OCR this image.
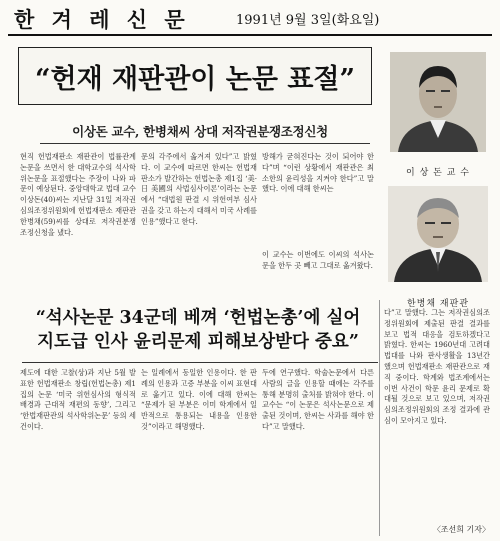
한 겨 레 신 문	1991년 9월 3일(화요일)
“헌재 재판관이 논문 표절”
이상돈 교수, 한병채씨 상대 저작권분쟁조정신청
이 상 돈 교 수
한병채 재판관

현직 헌법재판소 재판관이 법률관계 논문을 쓰면서 한 대학교수의 석사학위논문을 표절했다는 주장이 나와 파문이 예상된다. 중앙대학교 법대 교수 이상돈(40)씨는 지난달 31일 저작권심의조정위원회에 헌법재판소 재판관 한병채(59)씨를 상대로 저작권분쟁조정신청을 냈다.

문의 각주에서 옮겨져 있다”고 밝혔다. 이 교수에 따르면 한씨는 헌법재판소가 발간하는 헌법논총 제1집 ‘美·日 美國의 사법심사이론’이라는 논문에서 “대법원 판결 시 위헌여부 심사권을 갖고 하는지 대해서 미국 사례를 인용”했다고 한다.

방해가 굳혀진다는 것이 되어야 한다”며 “이런 상황에서 재판관은 최소한의 윤리성을 지켜야 한다”고 말했다. 이에 대해 한씨는

이 교수는 이번에도 이씨의 석사논문을 한두 곳 빼고 그대로 옮겨왔다.

“석사논문 34군데 베껴 ‘헌법논총’에 실어
지도급 인사 윤리문제 피해보상받다 중요”

제도에 대한 고찰(상)과 지난 5월 발표한 헌법재판소 창립(헌법논총) 제1집의 논문 ‘미국 위헌심사의 형식적 배경과 근대적 재편의 동향’, 그리고 ‘한법재판관의 석사학위논문’ 등의 세 건이다.

는 일례에서 동일한 인용이다. 한 판례의 인용과 고증 부분을 이씨 표현대로 옮기고 있다. 이에 대해 한씨는 “문제가 된 부분은 이미 학계에서 일반적으로 통용되는 내용을 인용한 것”이라고 해명했다.

두에 연구했다. 학술논문에서 다른 사람의 글을 인용할 때에는 각주를 통해 분명히 출처를 밝혀야 한다. 이 교수는 “이 논문은 석사논문으로 제출된 것이며, 한씨는 사과를 해야 한다”고 말했다.

다”고 말했다. 그는 저작권심의조정위원회에 제출된 판결 결과를 보고 법적 대응을 검토하겠다고 밝혔다. 한씨는 1960년대 고려대 법대를 나와 판사생활을 13년간 했으며 헌법재판소 재판관으로 재직 중이다. 학계와 법조계에서는 이번 사건이 학문 윤리 문제로 확대될 것으로 보고 있으며, 저작권심의조정위원회의 조정 결과에 관심이 모아지고 있다.

〈조선희 기자〉
